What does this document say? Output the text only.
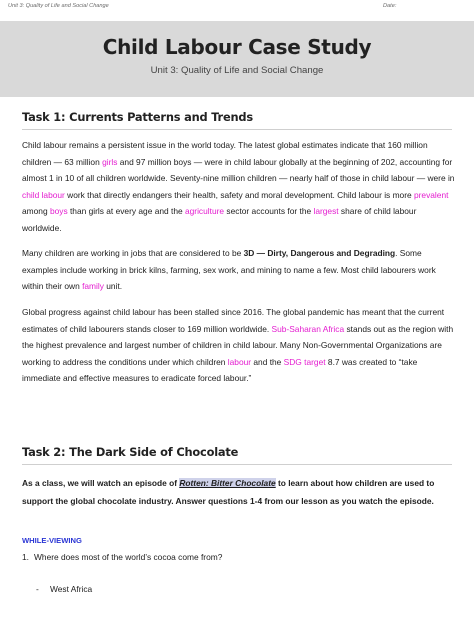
Unit 3: Quality of Life and Social Change	Date:
Child Labour Case Study
Unit 3: Quality of Life and Social Change
Task 1: Currents Patterns and Trends

Child labour remains a persistent issue in the world today. The latest global estimates indicate that 160 million children — 63 million girls and 97 million boys — were in child labour globally at the beginning of 202, accounting for almost 1 in 10 of all children worldwide. Seventy-nine million children — nearly half of those in child labour — were in child labour work that directly endangers their health, safety and moral development. Child labour is more prevalent among boys than girls at every age and the agriculture sector accounts for the largest share of child labour worldwide.

Many children are working in jobs that are considered to be 3D — Dirty, Dangerous and Degrading. Some examples include working in brick kilns, farming, sex work, and mining to name a few. Most child labourers work within their own family unit.

Global progress against child labour has been stalled since 2016. The global pandemic has meant that the current estimates of child labourers stands closer to 169 million worldwide. Sub-Saharan Africa stands out as the region with the highest prevalence and largest number of children in child labour. Many Non-Governmental Organizations are working to address the conditions under which children labour and the SDG target 8.7 was created to “take immediate and effective measures to eradicate forced labour.”

Task 2: The Dark Side of Chocolate

As a class, we will watch an episode of Rotten: Bitter Chocolate to learn about how children are used to support the global chocolate industry. Answer questions 1-4 from our lesson as you watch the episode.

WHILE-VIEWING
1. Where does most of the world’s cocoa come from?
- West Africa
